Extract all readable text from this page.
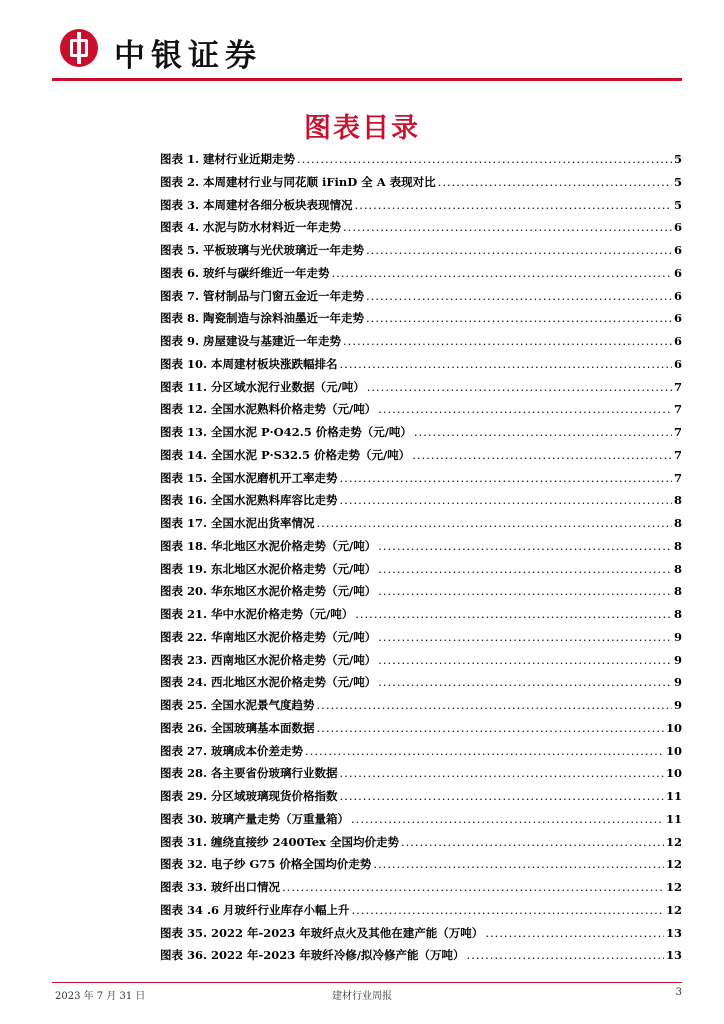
中银证券
图表目录
图表 1. 建材行业近期走势 .....	5
图表 2. 本周建材行业与同花顺 iFinD 全 A 表现对比 .....	5
图表 3. 本周建材各细分板块表现情况 .....	5
图表 4. 水泥与防水材料近一年走势 .....	6
图表 5. 平板玻璃与光伏玻璃近一年走势 .....	6
图表 6. 玻纤与碳纤维近一年走势 .....	6
图表 7. 管材制品与门窗五金近一年走势 .....	6
图表 8. 陶瓷制造与涂料油墨近一年走势 .....	6
图表 9. 房屋建设与基建近一年走势 .....	6
图表 10. 本周建材板块涨跌幅排名 .....	6
图表 11. 分区域水泥行业数据（元/吨） .....	7
图表 12. 全国水泥熟料价格走势（元/吨） .....	7
图表 13. 全国水泥 P·O42.5 价格走势（元/吨） .....	7
图表 14. 全国水泥 P·S32.5 价格走势（元/吨） .....	7
图表 15. 全国水泥磨机开工率走势 .....	7
图表 16. 全国水泥熟料库容比走势 .....	8
图表 17. 全国水泥出货率情况 .....	8
图表 18. 华北地区水泥价格走势（元/吨） .....	8
图表 19. 东北地区水泥价格走势（元/吨） .....	8
图表 20. 华东地区水泥价格走势（元/吨） .....	8
图表 21. 华中水泥价格走势（元/吨） .....	8
图表 22. 华南地区水泥价格走势（元/吨） .....	9
图表 23. 西南地区水泥价格走势（元/吨） .....	9
图表 24. 西北地区水泥价格走势（元/吨） .....	9
图表 25. 全国水泥景气度趋势 .....	9
图表 26. 全国玻璃基本面数据 .....	10
图表 27. 玻璃成本价差走势 .....	10
图表 28. 各主要省份玻璃行业数据 .....	10
图表 29. 分区域玻璃现货价格指数 .....	11
图表 30. 玻璃产量走势（万重量箱） .....	11
图表 31. 缠绕直接纱 2400Tex 全国均价走势 .....	12
图表 32. 电子纱 G75 价格全国均价走势 .....	12
图表 33. 玻纤出口情况 .....	12
图表 34 .6 月玻纤行业库存小幅上升 .....	12
图表 35. 2022 年-2023 年玻纤点火及其他在建产能（万吨） .....	13
图表 36. 2022 年-2023 年玻纤冷修/拟冷修产能（万吨） .....	13
2023 年 7 月 31 日	建材行业周报	3
